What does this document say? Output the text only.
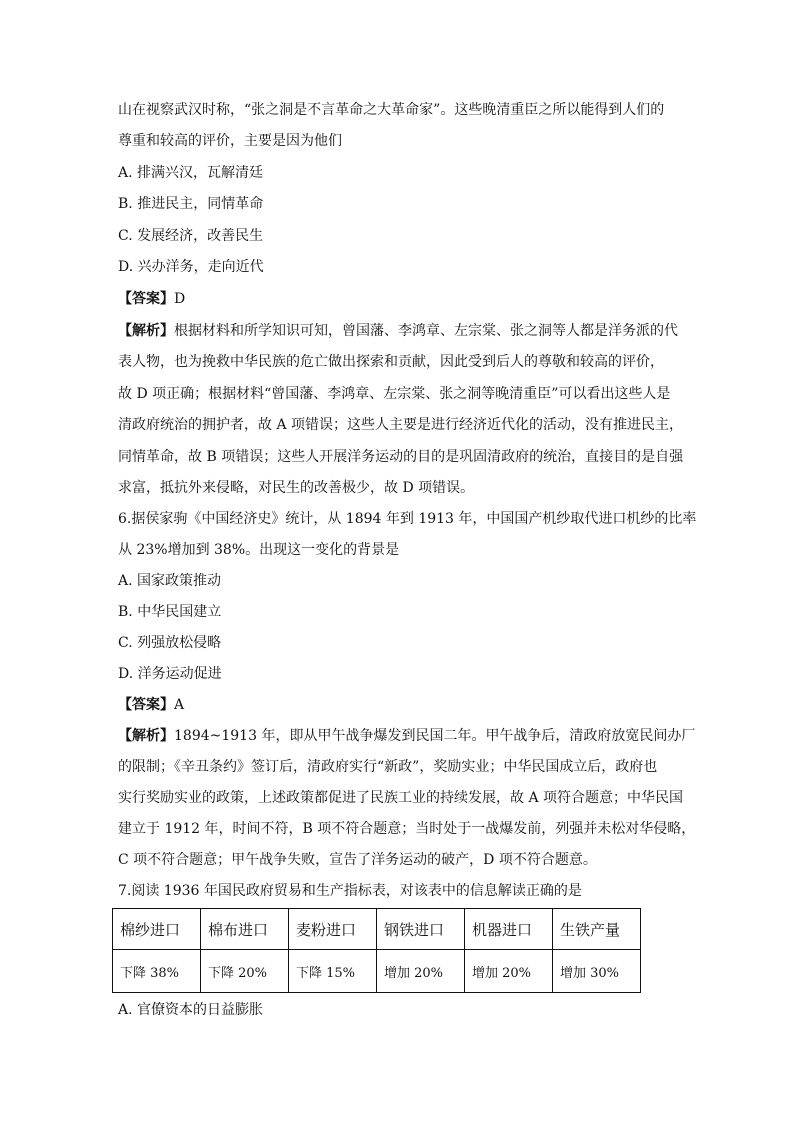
山在视察武汉时称，“张之洞是不言革命之大革命家”。这些晚清重臣之所以能得到人们的
尊重和较高的评价，主要是因为他们
A. 排满兴汉，瓦解清廷
B. 推进民主，同情革命
C. 发展经济，改善民生
D. 兴办洋务，走向近代
【答案】D
【解析】根据材料和所学知识可知，曾国藩、李鸿章、左宗棠、张之洞等人都是洋务派的代
表人物，也为挽救中华民族的危亡做出探索和贡献，因此受到后人的尊敬和较高的评价，
故 D 项正确；根据材料“曾国藩、李鸿章、左宗棠、张之洞等晚清重臣”可以看出这些人是
清政府统治的拥护者，故 A 项错误；这些人主要是进行经济近代化的活动，没有推进民主，
同情革命，故 B 项错误；这些人开展洋务运动的目的是巩固清政府的统治，直接目的是自强
求富，抵抗外来侵略，对民生的改善极少，故 D 项错误。
6.据侯家驹《中国经济史》统计，从 1894 年到 1913 年，中国国产机纱取代进口机纱的比率
从 23%增加到 38%。出现这一变化的背景是
A. 国家政策推动
B. 中华民国建立
C. 列强放松侵略
D. 洋务运动促进
【答案】A
【解析】1894~1913 年，即从甲午战争爆发到民国二年。甲午战争后，清政府放宽民间办厂
的限制；《辛丑条约》签订后，清政府实行“新政”，奖励实业；中华民国成立后，政府也
实行奖励实业的政策，上述政策都促进了民族工业的持续发展，故 A 项符合题意；中华民国
建立于 1912 年，时间不符，B 项不符合题意；当时处于一战爆发前，列强并未松对华侵略，
C 项不符合题意；甲午战争失败，宣告了洋务运动的破产，D 项不符合题意。
7.阅读 1936 年国民政府贸易和生产指标表，对该表中的信息解读正确的是
棉纱进口	棉布进口	麦粉进口	钢铁进口	机器进口	生铁产量
下降 38%	下降 20%	下降 15%	增加 20%	增加 20%	增加 30%
A. 官僚资本的日益膨胀
